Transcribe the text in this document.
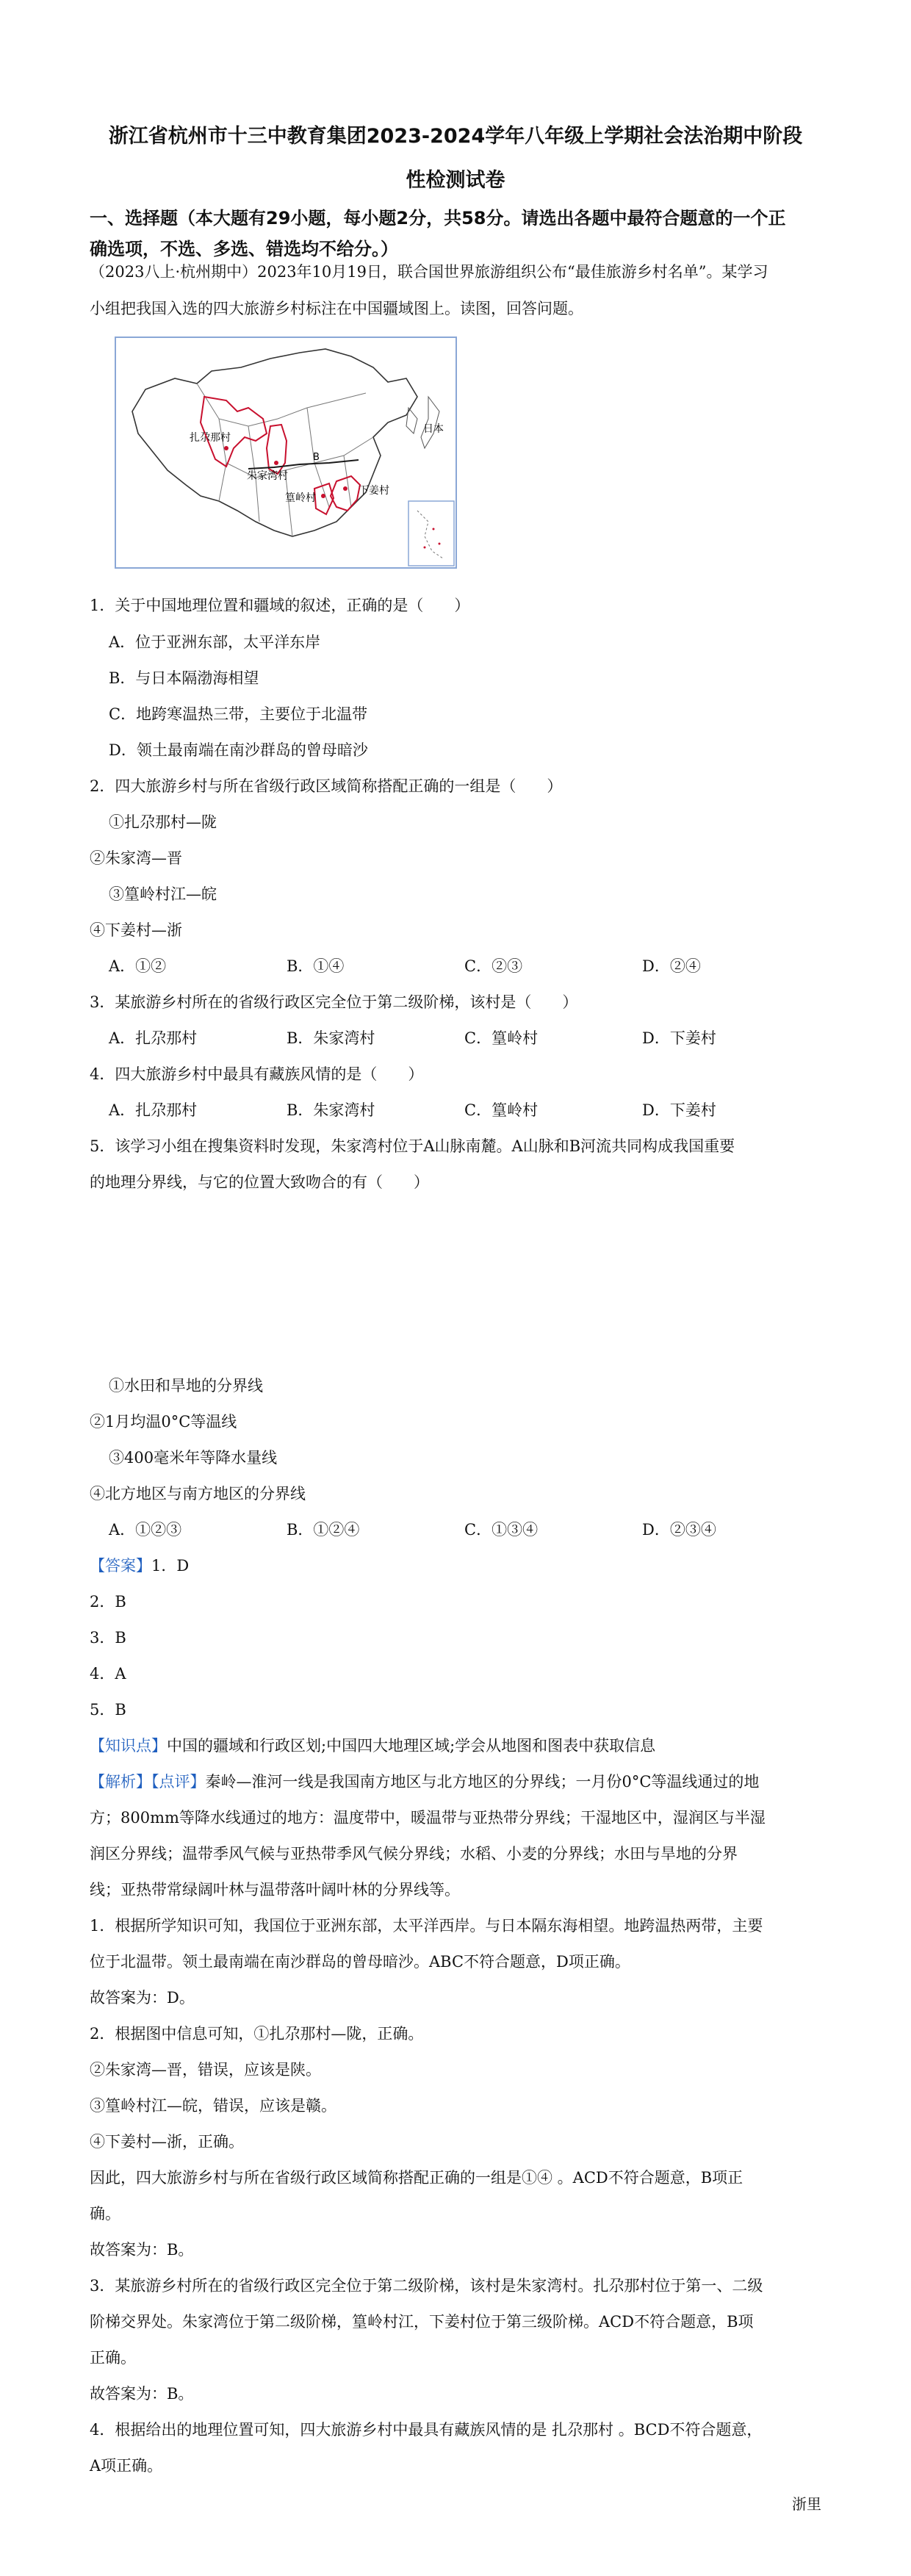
浙江省杭州市十三中教育集团2023-2024学年八年级上学期社会法治期中阶段
性检测试卷
一、选择题（本大题有29小题，每小题2分，共58分。请选出各题中最符合题意的一个正
确选项，不选、多选、错选均不给分。）
（2023八上·杭州期中）2023年10月19日，联合国世界旅游组织公布“最佳旅游乡村名单”。某学习
小组把我国入选的四大旅游乡村标注在中国疆域图上。读图，回答问题。
扎尕那村
朱家湾村
篁岭村
下姜村
日本
B
1．关于中国地理位置和疆域的叙述，正确的是（　　）
A．位于亚洲东部，太平洋东岸
B．与日本隔渤海相望
C．地跨寒温热三带，主要位于北温带
D．领土最南端在南沙群岛的曾母暗沙
2．四大旅游乡村与所在省级行政区域简称搭配正确的一组是（　　）
①扎尕那村—陇
②朱家湾—晋
③篁岭村江—皖
④下姜村—浙
A．①②	B．①④	C．②③	D．②④
3．某旅游乡村所在的省级行政区完全位于第二级阶梯，该村是（　　）
A．扎尕那村	B．朱家湾村	C．篁岭村	D．下姜村
4．四大旅游乡村中最具有藏族风情的是（　　）
A．扎尕那村	B．朱家湾村	C．篁岭村	D．下姜村
5．该学习小组在搜集资料时发现，朱家湾村位于A山脉南麓。A山脉和B河流共同构成我国重要
的地理分界线，与它的位置大致吻合的有（　　）
①水田和旱地的分界线
②1月均温0°C等温线
③400毫米年等降水量线
④北方地区与南方地区的分界线
A．①②③	B．①②④	C．①③④	D．②③④
【答案】1．D
2．B
3．B
4．A
5．B
【知识点】中国的疆域和行政区划;中国四大地理区域;学会从地图和图表中获取信息
【解析】【点评】秦岭—淮河一线是我国南方地区与北方地区的分界线；一月份0°C等温线通过的地
方；800mm等降水线通过的地方：温度带中，暖温带与亚热带分界线；干湿地区中，湿润区与半湿
润区分界线；温带季风气候与亚热带季风气候分界线；水稻、小麦的分界线；水田与旱地的分界
线；亚热带常绿阔叶林与温带落叶阔叶林的分界线等。
1．根据所学知识可知，我国位于亚洲东部，太平洋西岸。与日本隔东海相望。地跨温热两带，主要
位于北温带。领土最南端在南沙群岛的曾母暗沙。ABC不符合题意，D项正确。
故答案为：D。
2．根据图中信息可知，①扎尕那村—陇，正确。
②朱家湾—晋，错误，应该是陕。
③篁岭村江—皖，错误，应该是赣。
④下姜村—浙，正确。
因此，四大旅游乡村与所在省级行政区域简称搭配正确的一组是①④ 。ACD不符合题意，B项正
确。
故答案为：B。
3．某旅游乡村所在的省级行政区完全位于第二级阶梯，该村是朱家湾村。扎尕那村位于第一、二级
阶梯交界处。朱家湾位于第二级阶梯，篁岭村江，下姜村位于第三级阶梯。ACD不符合题意，B项
正确。
故答案为：B。
4．根据给出的地理位置可知，四大旅游乡村中最具有藏族风情的是 扎尕那村 。BCD不符合题意，
A项正确。
浙里
